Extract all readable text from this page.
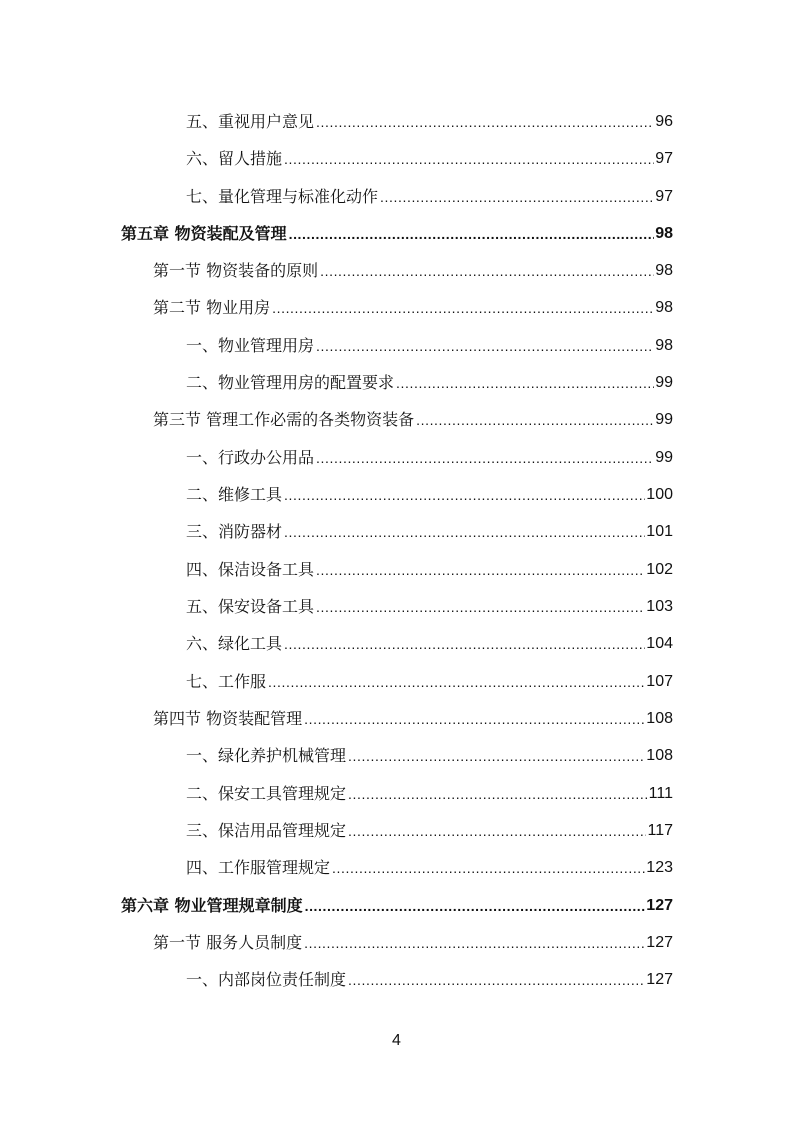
五、重视用户意见 .....	96
六、留人措施 .....	97
七、量化管理与标准化动作 .....	97
第五章 物资装配及管理 .....	98
第一节 物资装备的原则 .....	98
第二节 物业用房 .....	98
一、物业管理用房 .....	98
二、物业管理用房的配置要求 .....	99
第三节 管理工作必需的各类物资装备 .....	99
一、行政办公用品 .....	99
二、维修工具 .....	100
三、消防器材 .....	101
四、保洁设备工具 .....	102
五、保安设备工具 .....	103
六、绿化工具 .....	104
七、工作服 .....	107
第四节 物资装配管理 .....	108
一、绿化养护机械管理 .....	108
二、保安工具管理规定 .....	111
三、保洁用品管理规定 .....	117
四、工作服管理规定 .....	123
第六章 物业管理规章制度 .....	127
第一节 服务人员制度 .....	127
一、内部岗位责任制度 .....	127
4
